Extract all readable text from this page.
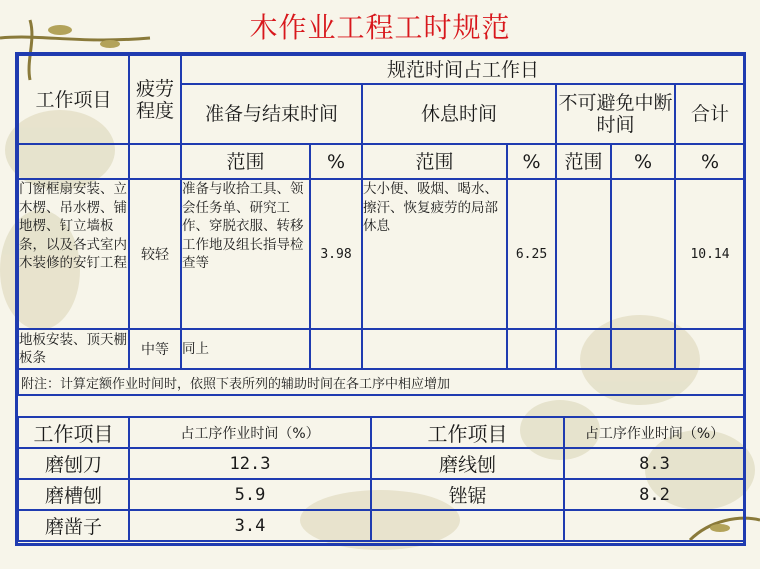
木作业工程工时规范
工作项目	疲劳程度	规范时间占工作日						
		准备与结束时间		休息时间		不可避免中断时间		合计
		范围	%	范围	%	范围	%	%
门窗框扇安装、立木楞、吊水楞、铺地楞、钉立墙板条，以及各式室内木装修的安钉工程	较轻	准备与收拾工具、领会任务单、研究工作、穿脱衣服、转移工作地及组长指导检查等	3.98	大小便、吸烟、喝水、擦汗、恢复疲劳的局部休息	6.25			10.14
地板安装、顶天棚板条	中等	同上						
附注：计算定额作业时间时，依照下表所列的辅助时间在各工序中相应增加								
工作项目	占工序作业时间（%）	工作项目	占工序作业时间（%）
磨刨刀	12.3	磨线刨	8.3
磨槽刨	5.9	锉锯	8.2
磨凿子	3.4		
